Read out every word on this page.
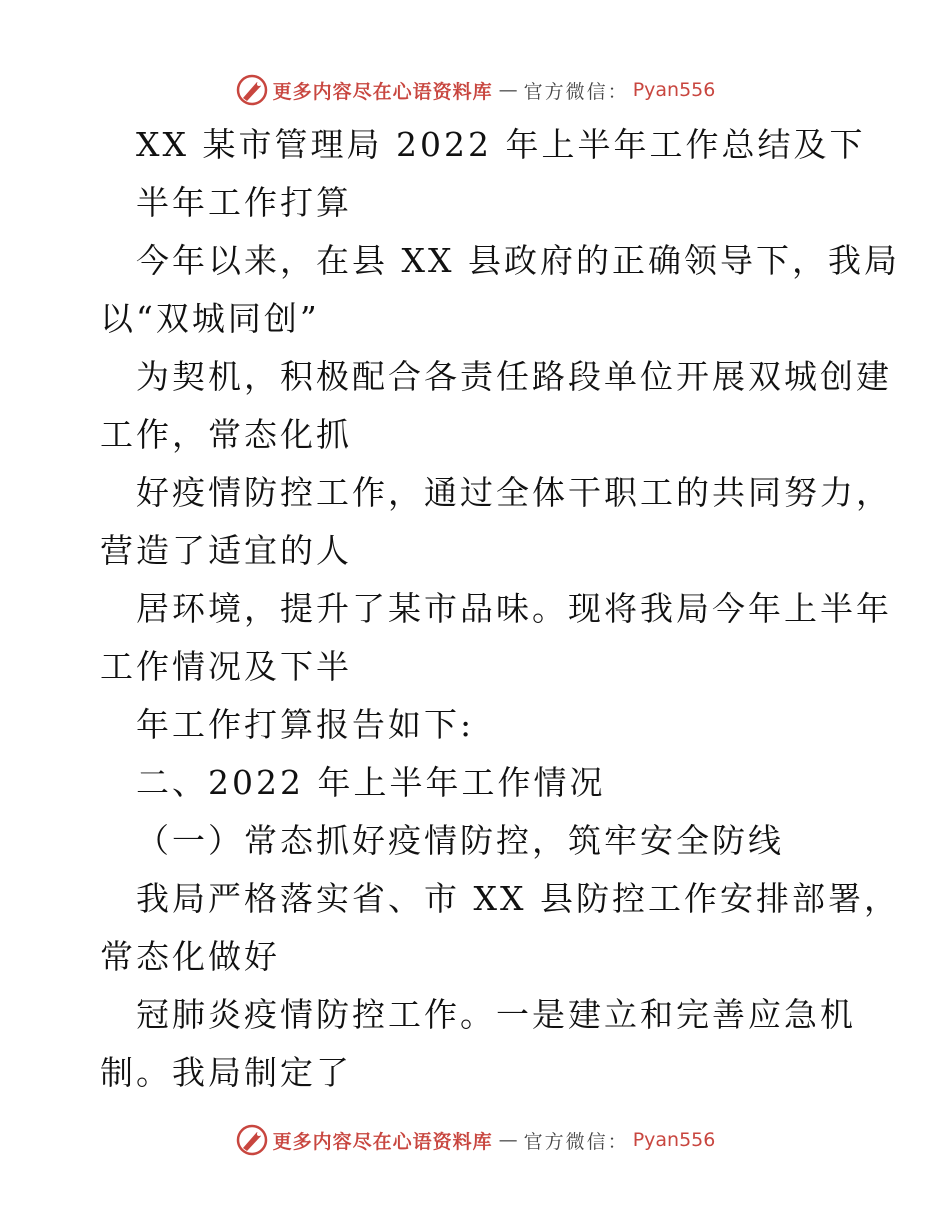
更多内容尽在心语资料库 — 官方微信： Pyan556
XX 某市管理局 2022 年上半年工作总结及下
半年工作打算
今年以来，在县 XX 县政府的正确领导下，我局
以“双城同创”
为契机，积极配合各责任路段单位开展双城创建
工作，常态化抓
好疫情防控工作，通过全体干职工的共同努力，
营造了适宜的人
居环境，提升了某市品味。现将我局今年上半年
工作情况及下半
年工作打算报告如下:
二、2022 年上半年工作情况
（一）常态抓好疫情防控，筑牢安全防线
我局严格落实省、市 XX 县防控工作安排部署，
常态化做好
冠肺炎疫情防控工作。一是建立和完善应急机
制。我局制定了
更多内容尽在心语资料库 — 官方微信： Pyan556
